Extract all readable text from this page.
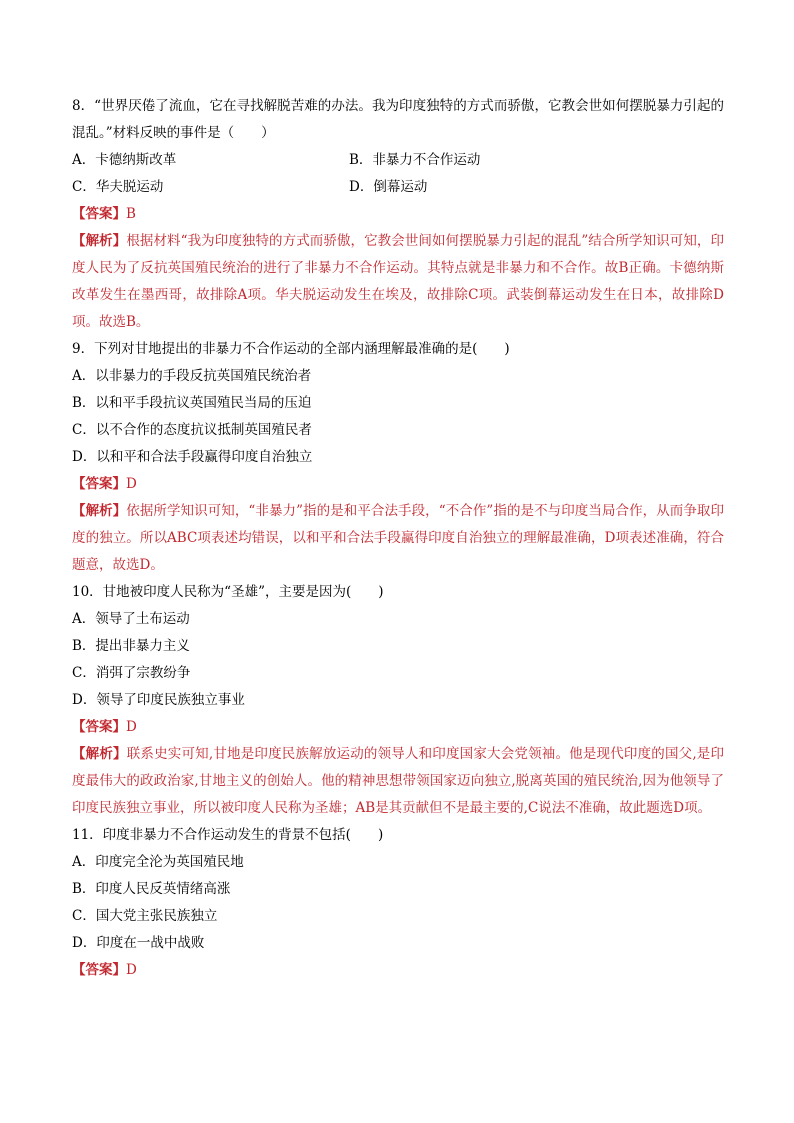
8．“世界厌倦了流血，它在寻找解脱苦难的办法。我为印度独特的方式而骄傲，它教会世如何摆脱暴力引起的混乱。”材料反映的事件是（　　）

A．卡德纳斯改革	B．非暴力不合作运动

C．华夫脱运动	D．倒幕运动

【答案】B

【解析】根据材料“我为印度独特的方式而骄傲，它教会世间如何摆脱暴力引起的混乱”结合所学知识可知，印度人民为了反抗英国殖民统治的进行了非暴力不合作运动。其特点就是非暴力和不合作。故B正确。卡德纳斯改革发生在墨西哥，故排除A项。华夫脱运动发生在埃及，故排除C项。武装倒幕运动发生在日本，故排除D项。故选B。

9．下列对甘地提出的非暴力不合作运动的全部内涵理解最准确的是(　　)

A．以非暴力的手段反抗英国殖民统治者

B．以和平手段抗议英国殖民当局的压迫

C．以不合作的态度抗议抵制英国殖民者

D．以和平和合法手段赢得印度自治独立

【答案】D

【解析】依据所学知识可知，“非暴力”指的是和平合法手段，“不合作”指的是不与印度当局合作，从而争取印度的独立。所以ABC项表述均错误，以和平和合法手段赢得印度自治独立的理解最准确，D项表述准确，符合题意，故选D。

10．甘地被印度人民称为“圣雄”，主要是因为(　　)

A．领导了土布运动

B．提出非暴力主义

C．消弭了宗教纷争

D．领导了印度民族独立事业

【答案】D

【解析】联系史实可知,甘地是印度民族解放运动的领导人和印度国家大会党领袖。他是现代印度的国父,是印度最伟大的政政治家,甘地主义的创始人。他的精神思想带领国家迈向独立,脱离英国的殖民统治,因为他领导了印度民族独立事业，所以被印度人民称为圣雄；AB是其贡献但不是最主要的,C说法不准确，故此题选D项。

11．印度非暴力不合作运动发生的背景不包括(　　)

A．印度完全沦为英国殖民地

B．印度人民反英情绪高涨

C．国大党主张民族独立

D．印度在一战中战败

【答案】D
